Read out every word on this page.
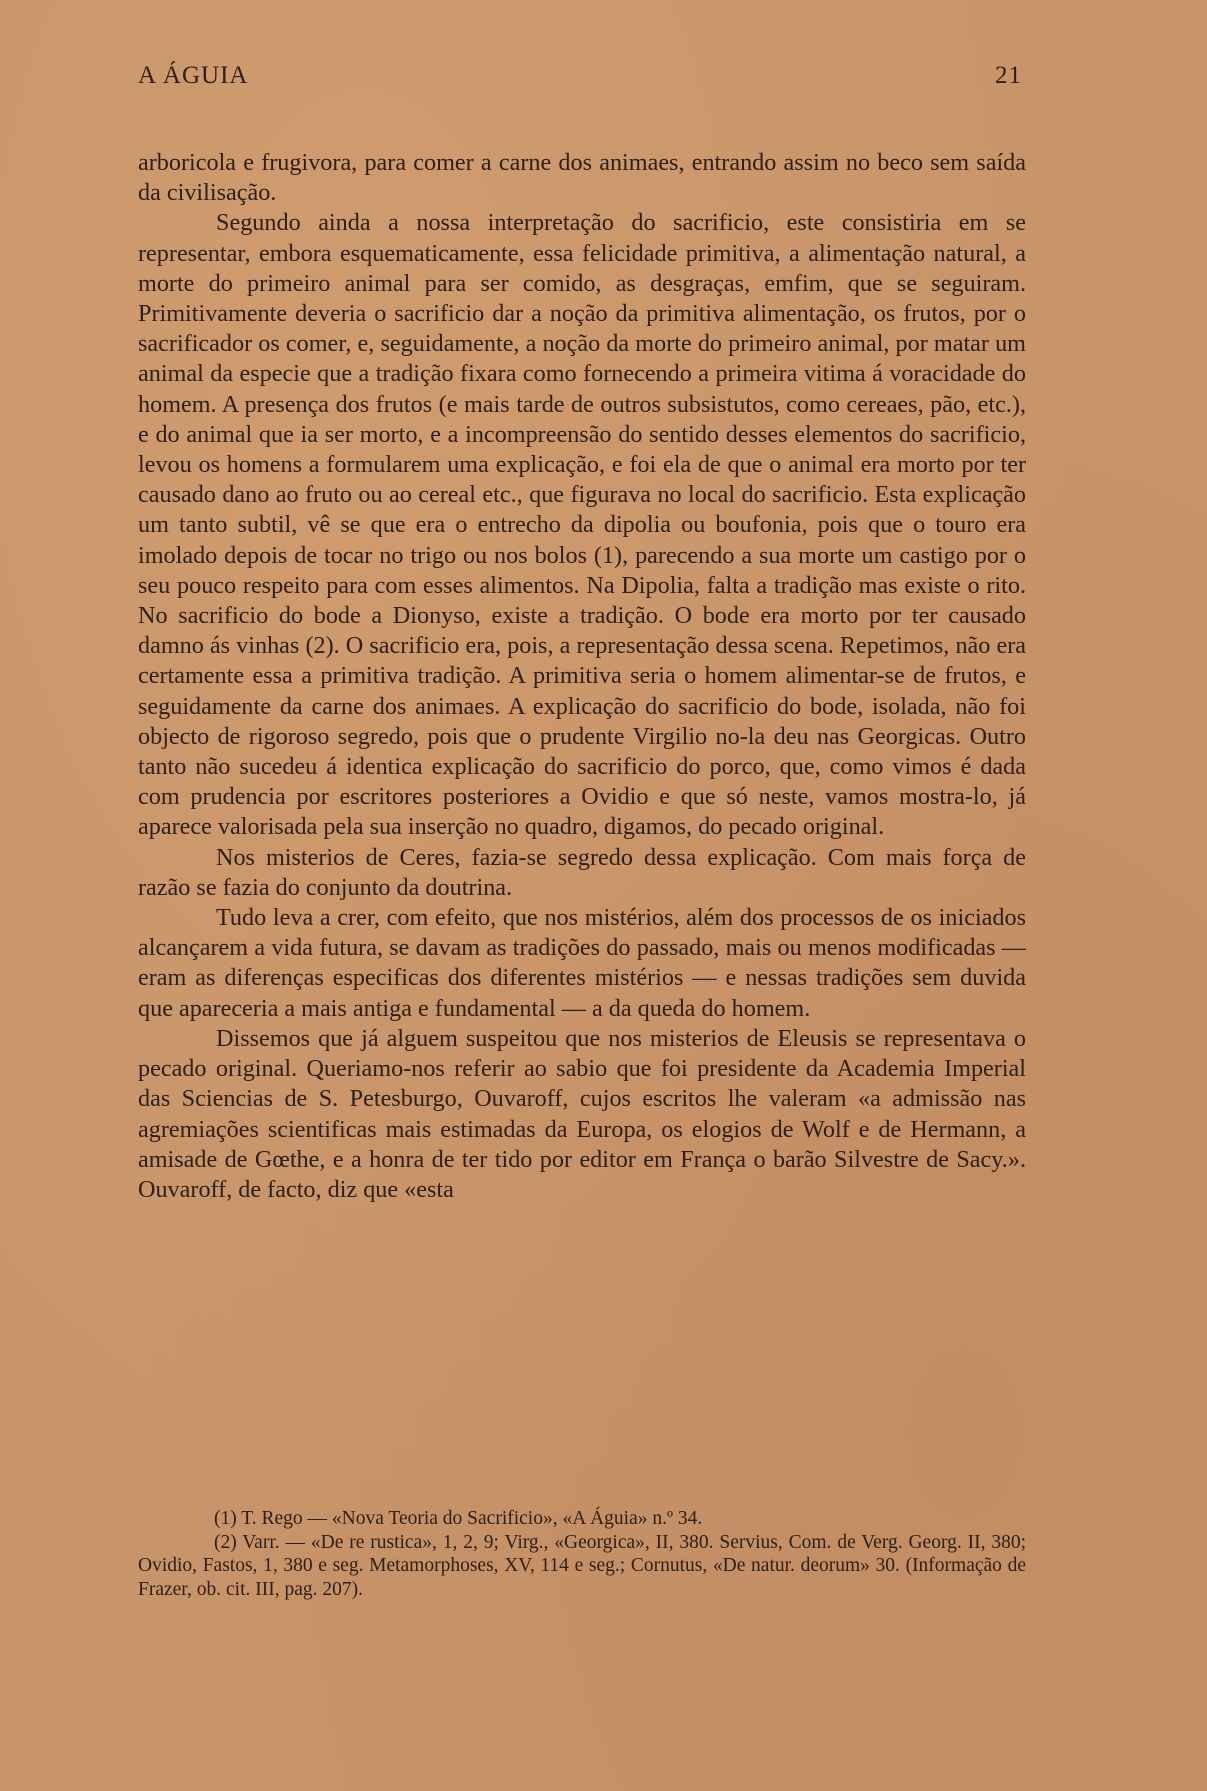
A ÁGUIA	21

arboricola e frugivora, para comer a carne dos animaes, entrando assim no beco sem saída da civilisação.

Segundo ainda a nossa interpretação do sacrificio, este consistiria em se representar, embora esquematicamente, essa felicidade primitiva, a alimentação natural, a morte do primeiro animal para ser comido, as desgraças, emfim, que se seguiram. Primitivamente deveria o sacrificio dar a noção da primitiva alimentação, os frutos, por o sacrificador os comer, e, seguidamente, a noção da morte do primeiro animal, por matar um animal da especie que a tradição fixara como fornecendo a primeira vitima á voracidade do homem. A presença dos frutos (e mais tarde de outros subsistutos, como cereaes, pão, etc.), e do animal que ia ser morto, e a incompreensão do sentido desses elementos do sacrificio, levou os homens a formularem uma explicação, e foi ela de que o animal era morto por ter causado dano ao fruto ou ao cereal etc., que figurava no local do sacrificio. Esta explicação um tanto subtil, vê se que era o entrecho da dipolia ou boufonia, pois que o touro era imolado depois de tocar no trigo ou nos bolos (1), parecendo a sua morte um castigo por o seu pouco respeito para com esses alimentos. Na Dipolia, falta a tradição mas existe o rito. No sacrificio do bode a Dionyso, existe a tradição. O bode era morto por ter causado damno ás vinhas (2). O sacrificio era, pois, a representação dessa scena. Repetimos, não era certamente essa a primitiva tradição. A primitiva seria o homem alimentar-se de frutos, e seguidamente da carne dos animaes. A explicação do sacrificio do bode, isolada, não foi objecto de rigoroso segredo, pois que o prudente Virgilio no-la deu nas Georgicas. Outro tanto não sucedeu á identica explicação do sacrificio do porco, que, como vimos é dada com prudencia por escritores posteriores a Ovidio e que só neste, vamos mostra-lo, já aparece valorisada pela sua inserção no quadro, digamos, do pecado original.

Nos misterios de Ceres, fazia-se segredo dessa explicação. Com mais força de razão se fazia do conjunto da doutrina.

Tudo leva a crer, com efeito, que nos mistérios, além dos processos de os iniciados alcançarem a vida futura, se davam as tradições do passado, mais ou menos modificadas — eram as diferenças especificas dos diferentes mistérios — e nessas tradições sem duvida que apareceria a mais antiga e fundamental — a da queda do homem.

Dissemos que já alguem suspeitou que nos misterios de Eleusis se representava o pecado original. Queriamo-nos referir ao sabio que foi presidente da Academia Imperial das Sciencias de S. Petesburgo, Ouvaroff, cujos escritos lhe valeram «a admissão nas agremiações scientificas mais estimadas da Europa, os elogios de Wolf e de Hermann, a amisade de Gœthe, e a honra de ter tido por editor em França o barão Silvestre de Sacy.». Ouvaroff, de facto, diz que «esta

(1) T. Rego — «Nova Teoria do Sacrificio», «A Águia» n.º 34.

(2) Varr. — «De re rustica», 1, 2, 9; Virg., «Georgica», II, 380. Servius, Com. de Verg. Georg. II, 380; Ovidio, Fastos, 1, 380 e seg. Metamorphoses, XV, 114 e seg.; Cornutus, «De natur. deorum» 30. (Informação de Frazer, ob. cit. III, pag. 207).
